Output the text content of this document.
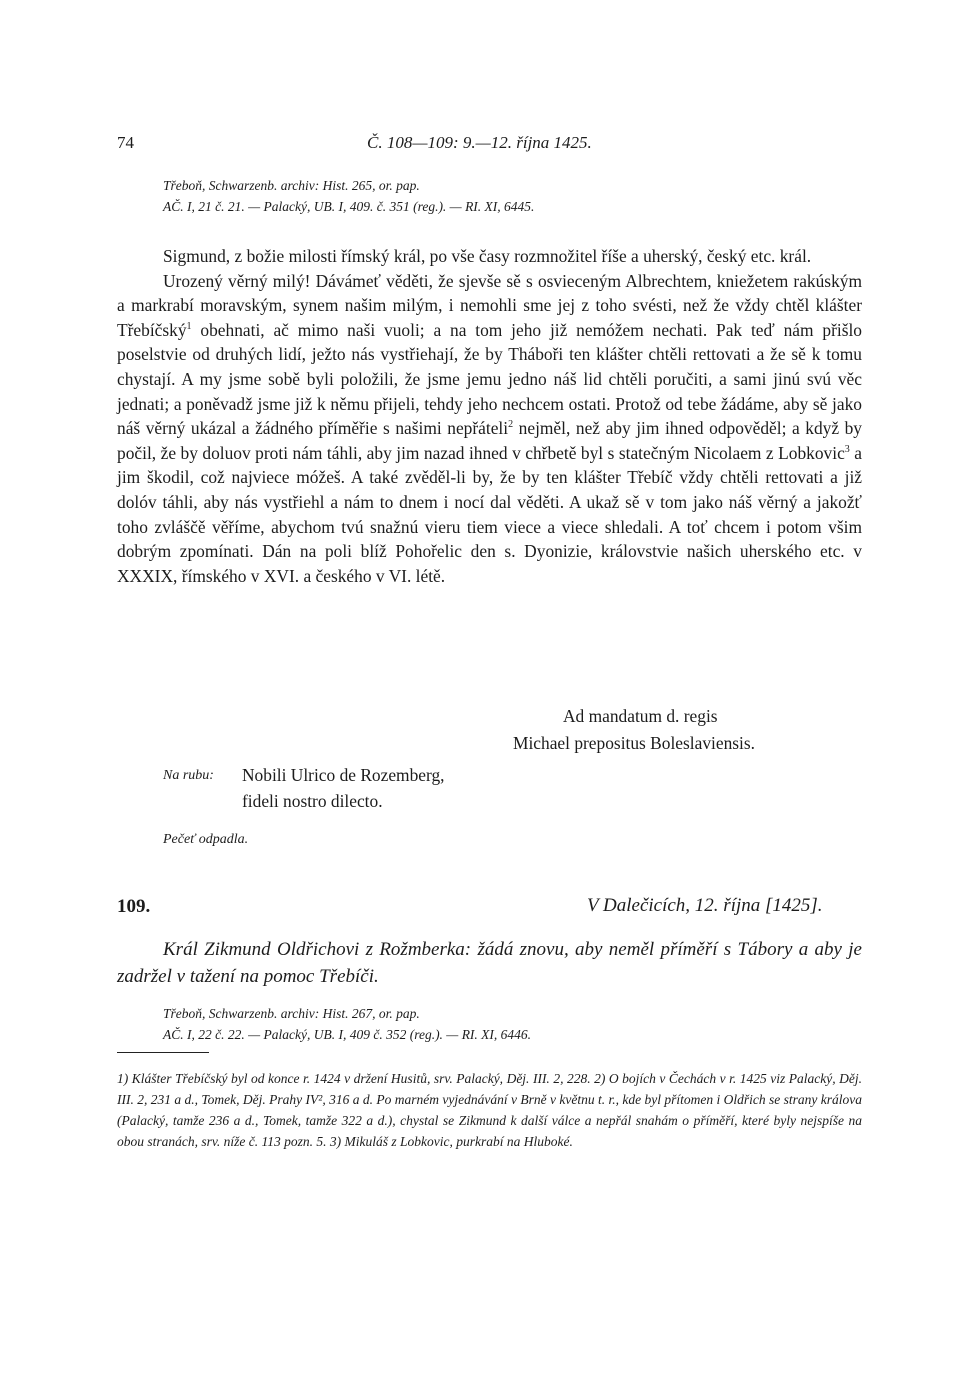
74	Č. 108—109: 9.—12. října 1425.
Třeboň, Schwarzenb. archiv: Hist. 265, or. pap.
AČ. I, 21 č. 21. — Palacký, UB. I, 409. č. 351 (reg.). — RI. XI, 6445.

Sigmund, z božie milosti římský král, po vše časy rozmnožitel říše a uherský, český etc. král.

Urozený věrný milý! Dávámeť věděti, že sjevše sě s osvieceným Albrechtem, kniežetem rakúským a markrabí moravským, synem našim milým, i nemohli sme jej z toho svésti, než že vždy chtěl klášter Třebíčský$^1$ obehnati, ač mimo naši vuoli; a na tom jeho již nemóžem nechati. Pak teď nám přišlo poselstvie od druhých lidí, ježto nás vystřiehají, že by Tháboři ten klášter chtěli rettovati a že sě k tomu chystají. A my jsme sobě byli položili, že jsme jemu jedno náš lid chtěli poručiti, a sami jinú svú věc jednati; a poněvadž jsme již k němu přijeli, tehdy jeho nechcem ostati. Protož od tebe žádáme, aby sě jako náš věrný ukázal a žádného příměřie s našimi nepřáteli$^2$ nejměl, než aby jim ihned odpověděl; a když by počil, že by doluov proti nám táhli, aby jim nazad ihned v chřbetě byl s statečným Nicolaem z Lobkovic$^3$ a jim škodil, což najviece móžeš. A také zvěděl-li by, že by ten klášter Třebíč vždy chtěli rettovati a již dolóv táhli, aby nás vystřiehl a nám to dnem i nocí dal věděti. A ukaž sě v tom jako náš věrný a jakožť toho zvláščě věříme, abychom tvú snažnú vieru tiem viece a viece shledali. A toť chcem i potom všim dobrým zpomínati. Dán na poli blíž Pohořelic den s. Dyonizie, královstvie našich uherského etc. v XXXIX, římského v XVI. a českého v VI. létě.

Ad mandatum d. regis
Michael prepositus Boleslaviensis.
Na rubu: Nobili Ulrico de Rozemberg,
fideli nostro dilecto.
Pečeť odpadla.
109.	V Dalečicích, 12. října [1425].

Král Zikmund Oldřichovi z Rožmberka: žádá znovu, aby neměl příměří s Tábory a aby je zadržel v tažení na pomoc Třebíči.

Třeboň, Schwarzenb. archiv: Hist. 267, or. pap.
AČ. I, 22 č. 22. — Palacký, UB. I, 409 č. 352 (reg.). — RI. XI, 6446.

1) Klášter Třebíčský byl od konce r. 1424 v držení Husitů, srv. Palacký, Děj. III. 2, 228. 2) O bojích v Čechách v r. 1425 viz Palacký, Děj. III. 2, 231 a d., Tomek, Děj. Prahy IV², 316 a d. Po marném vyjednávání v Brně v květnu t. r., kde byl přítomen i Oldřich se strany králova (Palacký, tamže 236 a d., Tomek, tamže 322 a d.), chystal se Zikmund k další válce a nepřál snahám o příměří, které byly nejspíše na obou stranách, srv. níže č. 113 pozn. 5. 3) Mikuláš z Lobkovic, purkrabí na Hluboké.
